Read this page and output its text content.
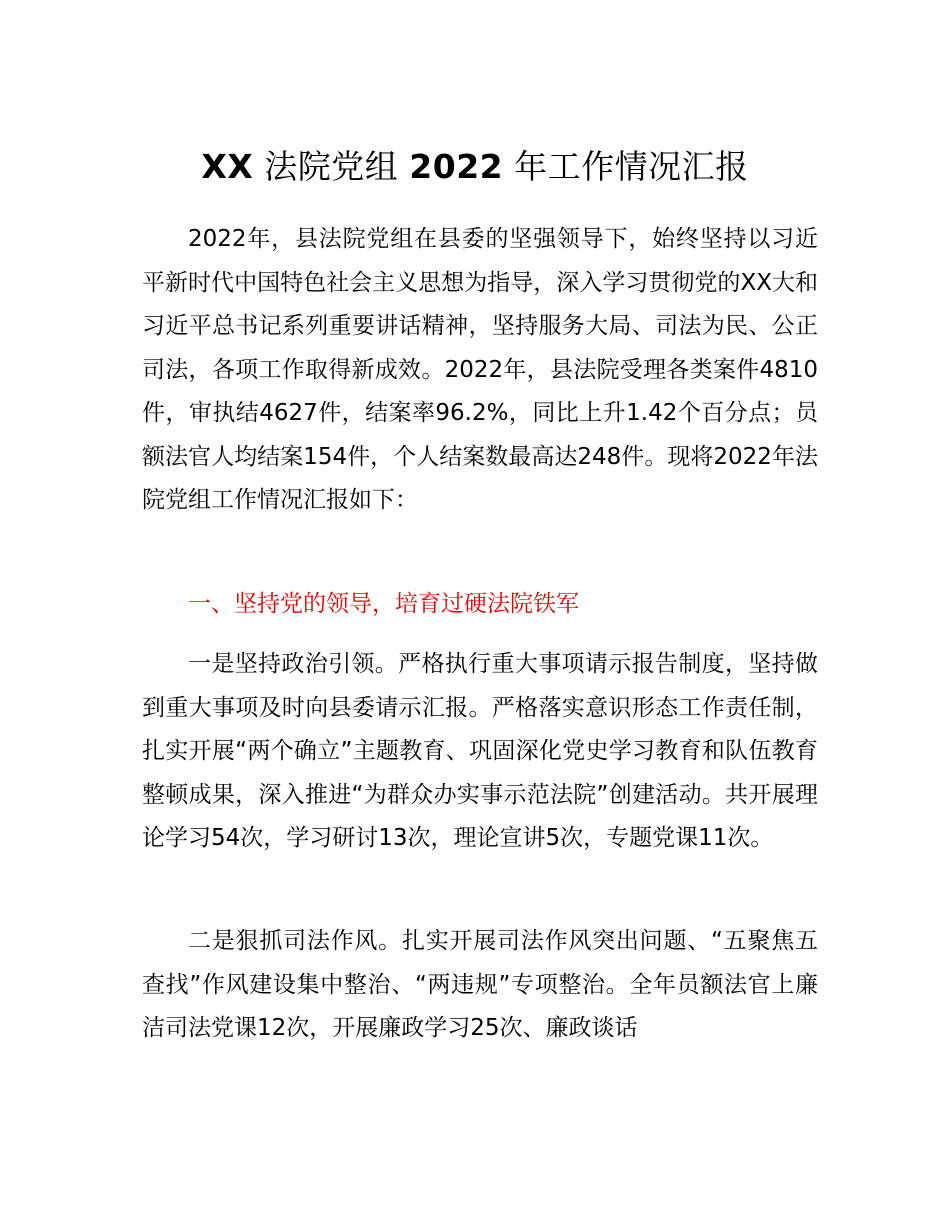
XX 法院党组 2022 年工作情况汇报

2022年，县法院党组在县委的坚强领导下，始终坚持以习近平新时代中国特色社会主义思想为指导，深入学习贯彻党的XX大和习近平总书记系列重要讲话精神，坚持服务大局、司法为民、公正司法，各项工作取得新成效。2022年，县法院受理各类案件4810件，审执结4627件，结案率96.2%，同比上升1.42个百分点；员额法官人均结案154件，个人结案数最高达248件。现将2022年法院党组工作情况汇报如下：

一、坚持党的领导，培育过硬法院铁军

一是坚持政治引领。严格执行重大事项请示报告制度，坚持做到重大事项及时向县委请示汇报。严格落实意识形态工作责任制，扎实开展“两个确立”主题教育、巩固深化党史学习教育和队伍教育整顿成果，深入推进“为群众办实事示范法院”创建活动。共开展理论学习54次，学习研讨13次，理论宣讲5次，专题党课11次。

二是狠抓司法作风。扎实开展司法作风突出问题、“五聚焦五查找”作风建设集中整治、“两违规”专项整治。全年员额法官上廉洁司法党课12次，开展廉政学习25次、廉政谈话
